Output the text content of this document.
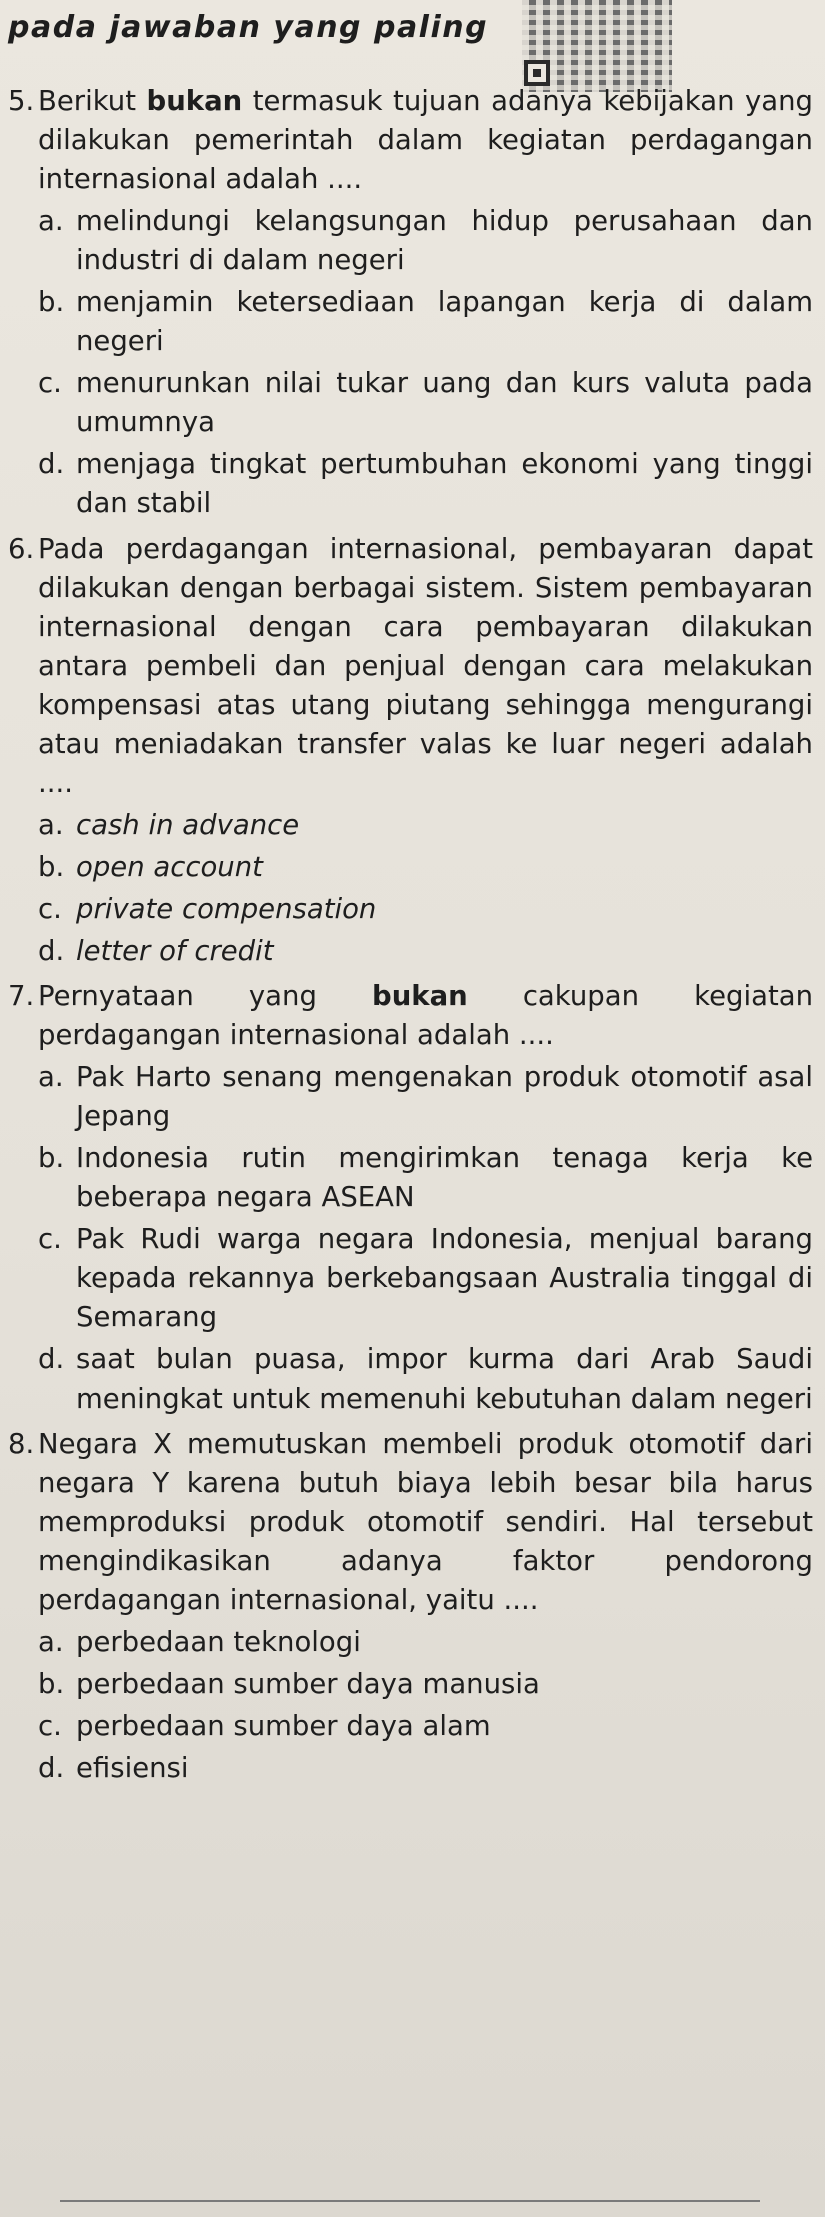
pada jawaban yang paling

5. Berikut bukan termasuk tujuan adanya kebijakan yang dilakukan pemerintah dalam kegiatan perdagangan internasional adalah ....

a. melindungi kelangsungan hidup perusahaan dan industri di dalam negeri
b. menjamin ketersediaan lapangan kerja di dalam negeri
c. menurunkan nilai tukar uang dan kurs valuta pada umumnya
d. menjaga tingkat pertumbuhan ekonomi yang tinggi dan stabil
6. Pada perdagangan internasional, pembayaran dapat dilakukan dengan berbagai sistem. Sistem pembayaran internasional dengan cara pembayaran dilakukan antara pembeli dan penjual dengan cara melakukan kompensasi atas utang piutang sehingga mengurangi atau meniadakan transfer valas ke luar negeri adalah ....

a. cash in advance
b. open account
c. private compensation
d. letter of credit
7. Pernyataan yang bukan cakupan kegiatan perdagangan internasional adalah ....

a. Pak Harto senang mengenakan produk otomotif asal Jepang
b. Indonesia rutin mengirimkan tenaga kerja ke beberapa negara ASEAN
c. Pak Rudi warga negara Indonesia, menjual barang kepada rekannya berkebangsaan Australia tinggal di Semarang
d. saat bulan puasa, impor kurma dari Arab Saudi meningkat untuk memenuhi kebutuhan dalam negeri
8. Negara X memutuskan membeli produk otomotif dari negara Y karena butuh biaya lebih besar bila harus memproduksi produk otomotif sendiri. Hal tersebut mengindikasikan adanya faktor pendorong perdagangan internasional, yaitu ....

a. perbedaan teknologi
b. perbedaan sumber daya manusia
c. perbedaan sumber daya alam
d. efisiensi
